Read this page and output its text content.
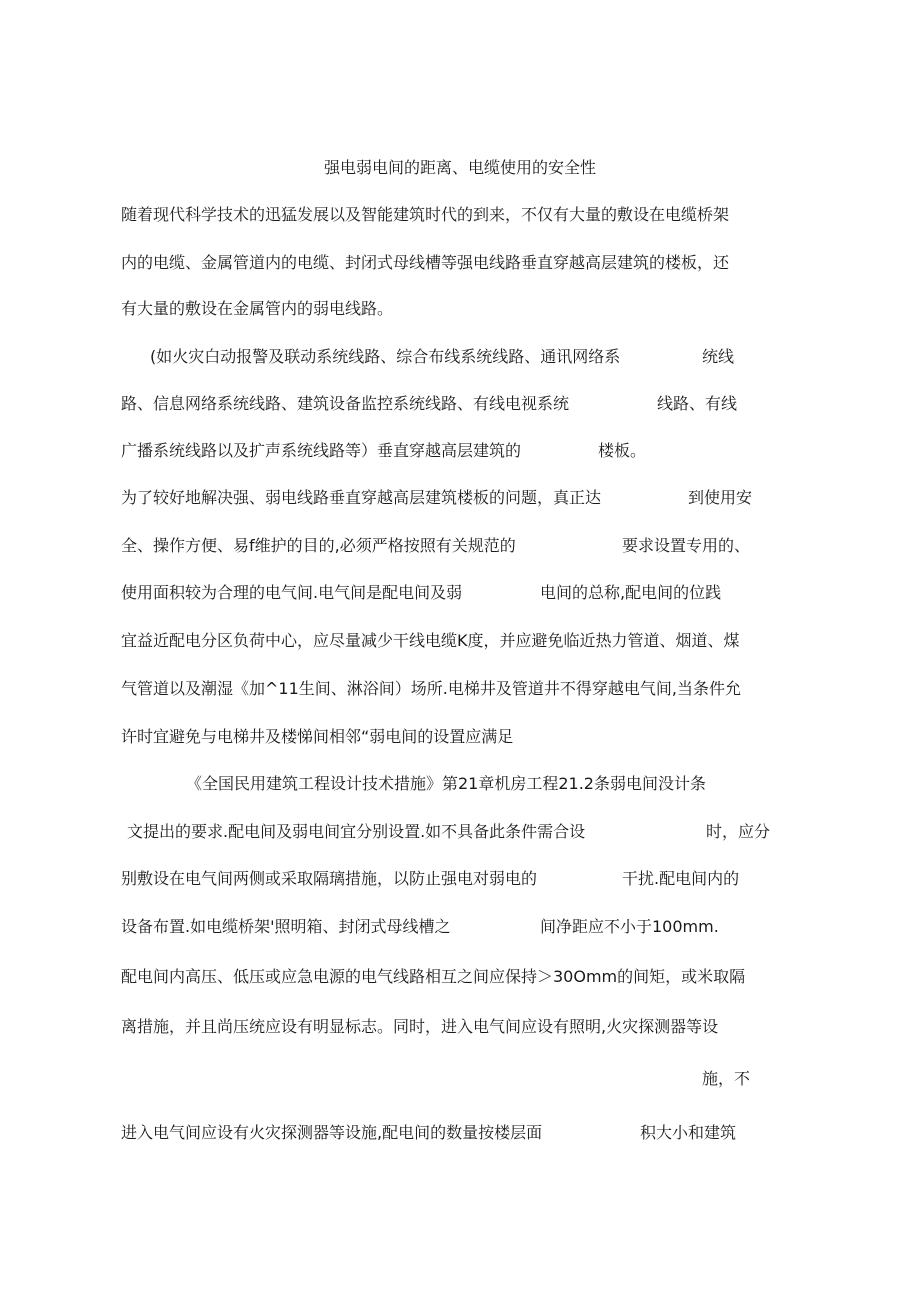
强电弱电间的距离、电缆使用的安全性
随着现代科学技术的迅猛发展以及智能建筑时代的到来，不仅有大量的敷设在电缆桥架
内的电缆、金属管道内的电缆、封闭式母线槽等强电线路垂直穿越高层建筑的楼板，还
有大量的敷设在金属管内的弱电线路。
(如火灾白动报警及联动系统线路、综合布线系统线路、通讯网络系	统线
路、信息网络系统线路、建筑设备监控系统线路、有线电视系统	线路、有线
广播系统线路以及扩声系统线路等）垂直穿越高层建筑的	楼板。
为了较好地解决强、弱电线路垂直穿越高层建筑楼板的问题，真正达	到使用安
全、操作方便、易f维护的目的,必须严格按照有关规范的	要求设置专用的、
使用面积较为合理的电气间.电气间是配电间及弱	电间的总称,配电间的位践
宜益近配电分区负荷中心，应尽量减少干线电缆K度，并应避免临近热力管道、烟道、煤
气管道以及潮湿《加^11生间、淋浴间）场所.电梯井及管道井不得穿越电气间,当条件允
许时宜避免与电梯井及楼悌间相邻“弱电间的设置应满足
《全国民用建筑工程设计技术措施》第21章机房工程21.2条弱电间没计条
文提出的要求.配电间及弱电间宜分别设置.如不具备此条件需合设	时，应分
别敷设在电气间两侧或采取隔璃措施，以防止强电对弱电的	干扰.配电间内的
设备布置.如电缆桥架'照明箱、封闭式母线槽之	间净距应不小于100mm.
配电间内高压、低压或应急电源的电气线路相互之间应保持＞30Omm的间矩，或米取隔
离措施，并且尚压统应设有明显标志。同时，进入电气间应设有照明,火灾探测器等设
施，不
进入电气间应设有火灾探测器等设施,配电间的数量按楼层面	积大小和建筑
